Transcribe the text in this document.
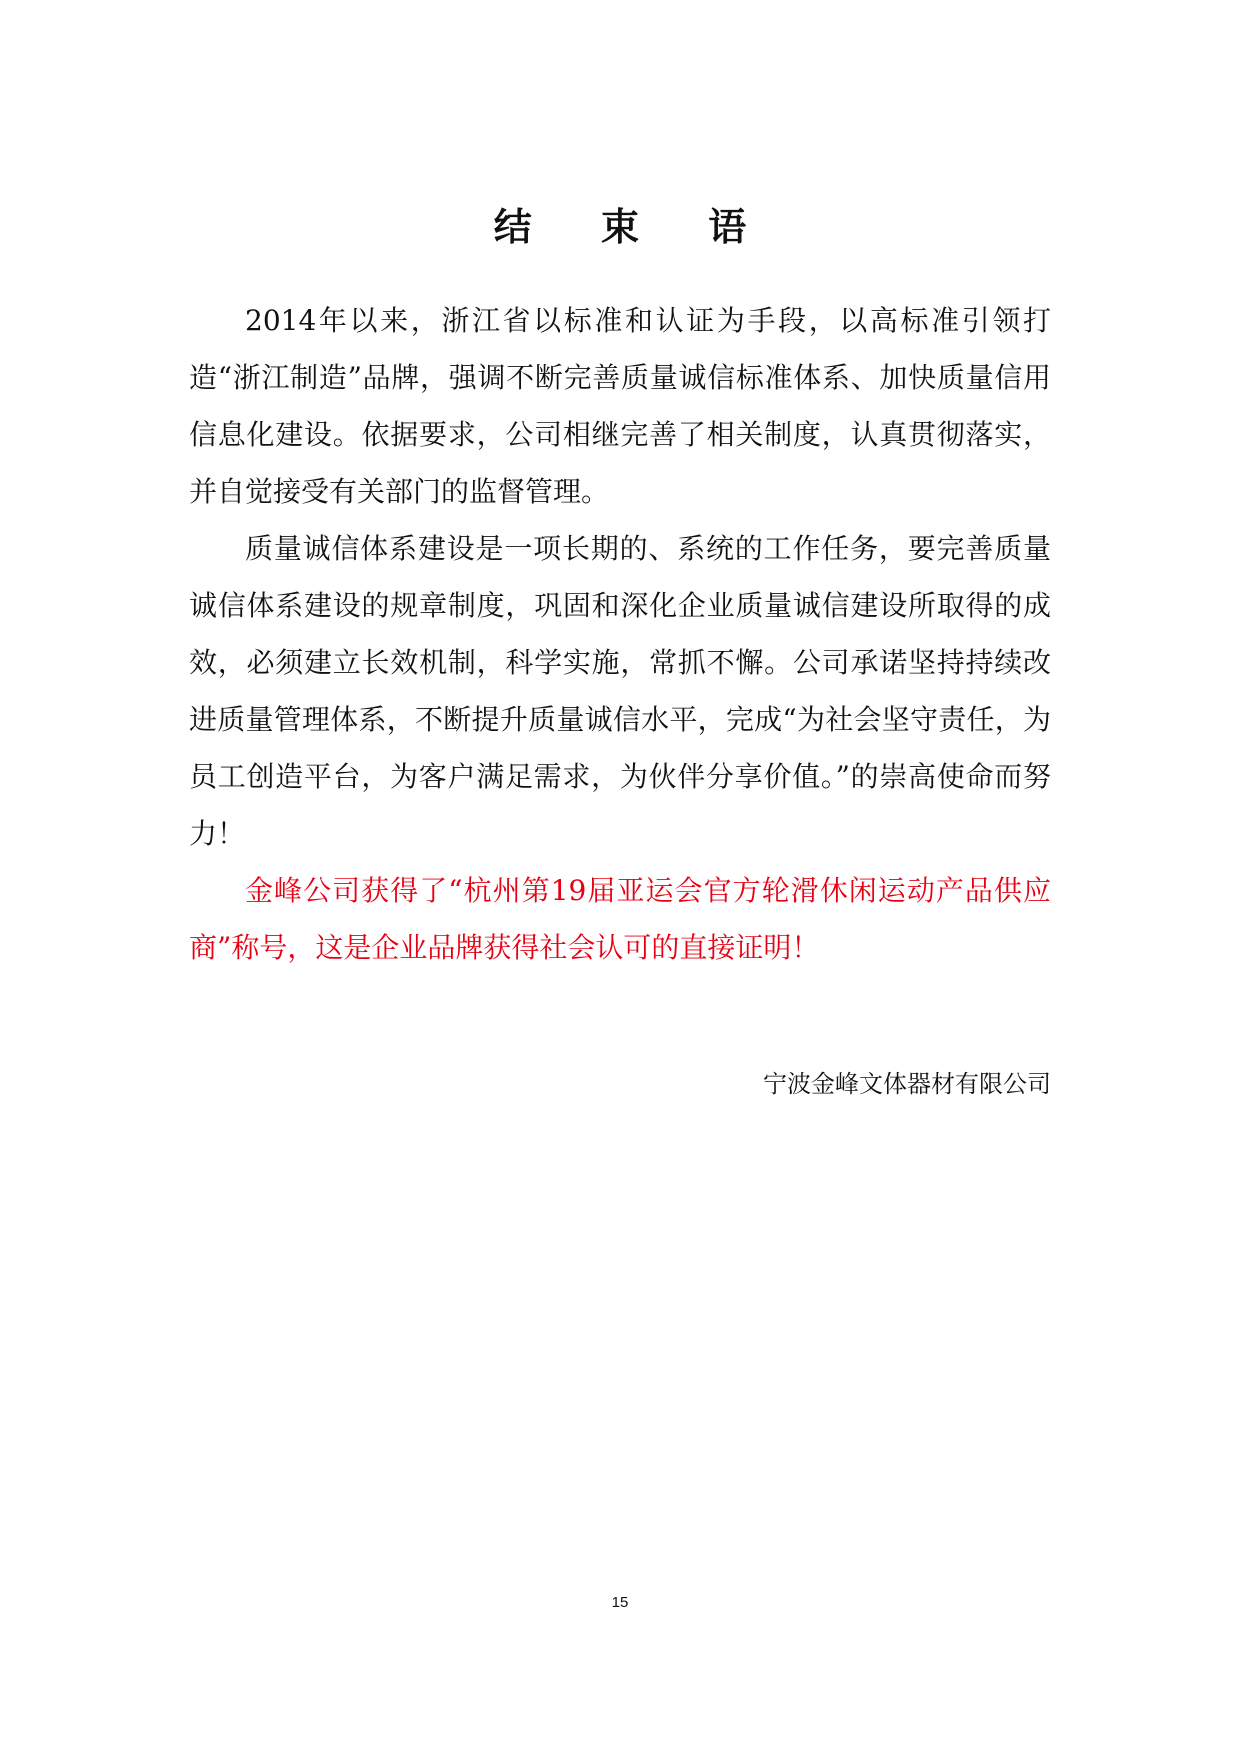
结 束 语

2014年以来，浙江省以标准和认证为手段，以高标准引领打造“浙江制造”品牌，强调不断完善质量诚信标准体系、加快质量信用信息化建设。依据要求，公司相继完善了相关制度，认真贯彻落实，并自觉接受有关部门的监督管理。

质量诚信体系建设是一项长期的、系统的工作任务，要完善质量诚信体系建设的规章制度，巩固和深化企业质量诚信建设所取得的成效，必须建立长效机制，科学实施，常抓不懈。公司承诺坚持持续改进质量管理体系，不断提升质量诚信水平，完成“为社会坚守责任，为员工创造平台，为客户满足需求，为伙伴分享价值。”的崇高使命而努力！

金峰公司获得了“杭州第19届亚运会官方轮滑休闲运动产品供应商”称号，这是企业品牌获得社会认可的直接证明！

宁波金峰文体器材有限公司
15
